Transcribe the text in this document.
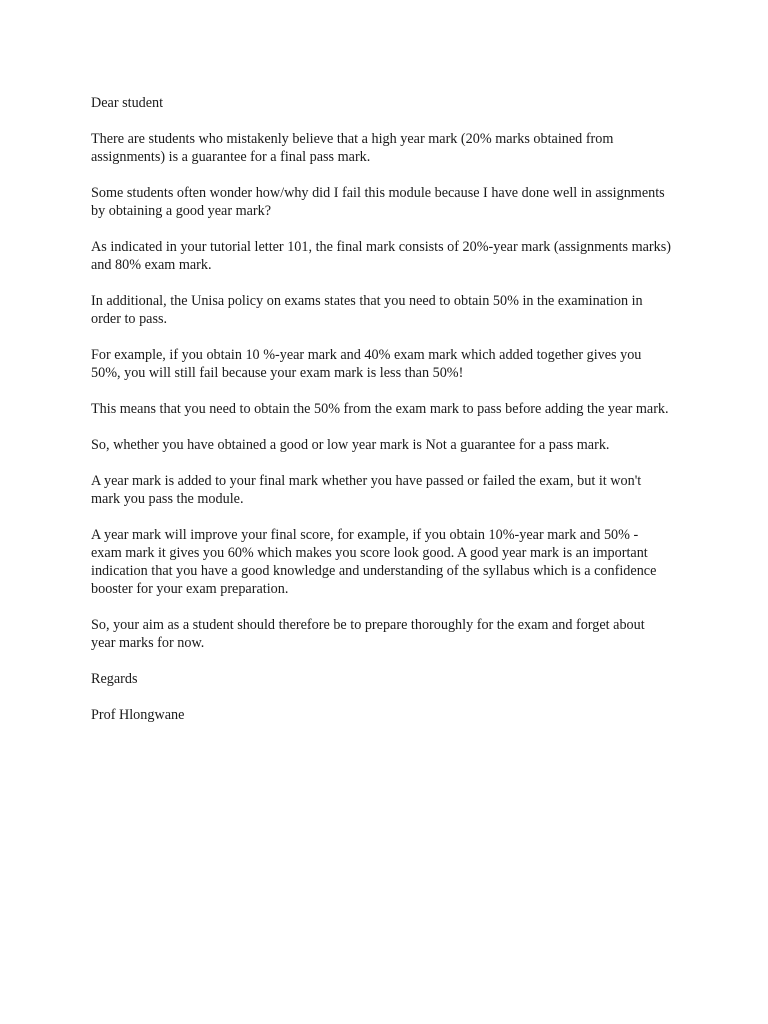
Dear student

There are students who mistakenly believe that a high year mark (20% marks obtained from assignments) is a guarantee for a final pass mark.

Some students often wonder how/why did I fail this module because I have done well in assignments by obtaining a good year mark?

As indicated in your tutorial letter 101, the final mark consists of 20%-year mark (assignments marks) and 80% exam mark.

In additional, the Unisa policy on exams states that you need to obtain 50% in the examination in order to pass.

For example, if you obtain 10 %-year mark and 40% exam mark which added together gives you 50%, you will still fail because your exam mark is less than 50%!

This means that you need to obtain the 50% from the exam mark to pass before adding the year mark.

So, whether you have obtained a good or low year mark is Not a guarantee for a pass mark.

A year mark is added to your final mark whether you have passed or failed the exam, but it won't mark you pass the module.

A year mark will improve your final score, for example, if you obtain 10%-year mark and 50% - exam mark it gives you 60% which makes you score look good. A good year mark is an important indication that you have a good knowledge and understanding of the syllabus which is a confidence booster for your exam preparation.

So, your aim as a student should therefore be to prepare thoroughly for the exam and forget about year marks for now.

Regards

Prof Hlongwane
